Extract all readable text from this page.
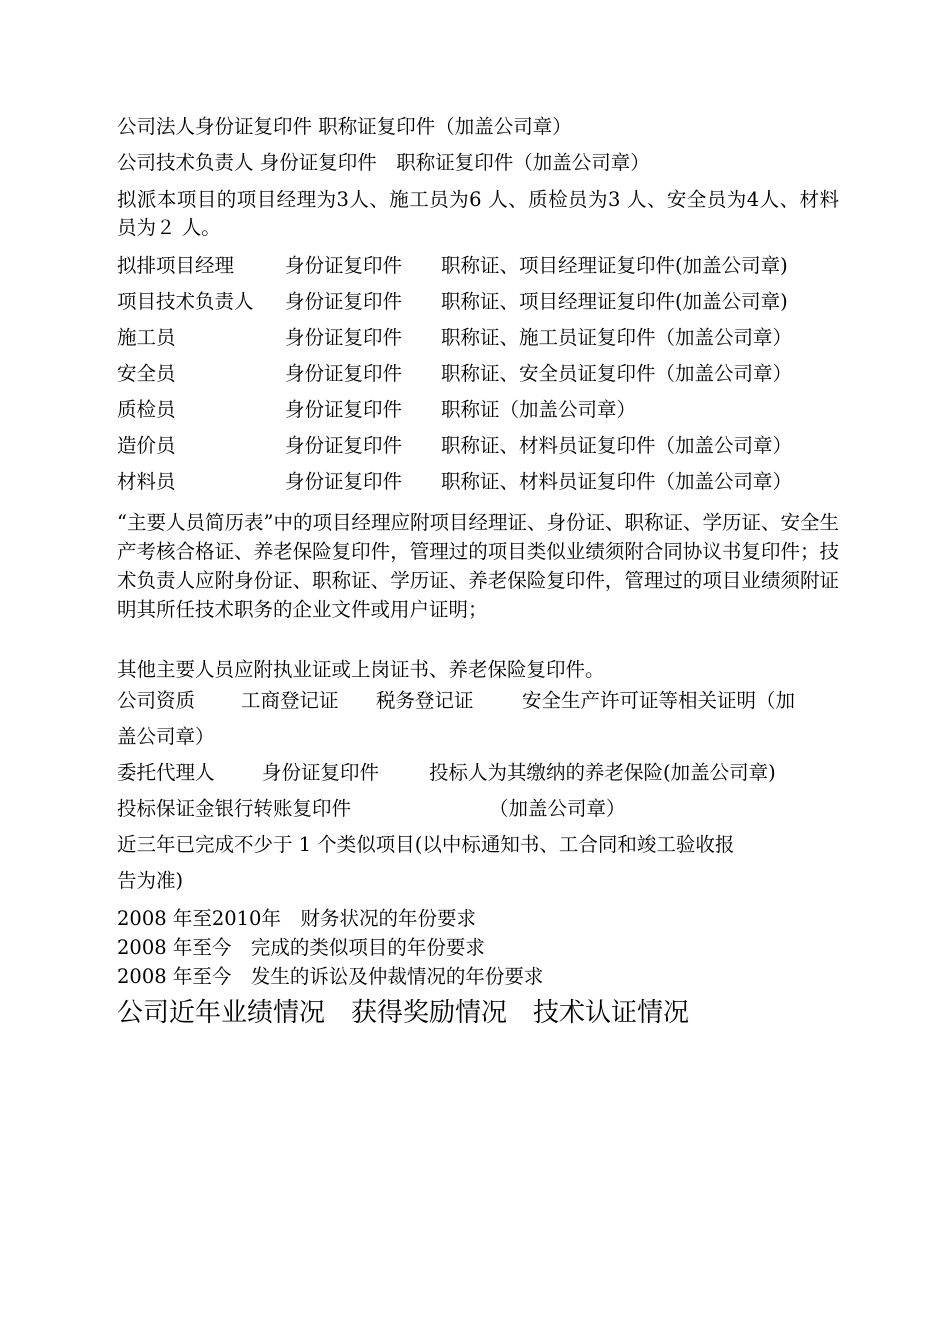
公司法人身份证复印件 职称证复印件（加盖公司章）

公司技术负责人 身份证复印件　职称证复印件（加盖公司章）

拟派本项目的项目经理为3人、施工员为6 人、质检员为3 人、安全员为4人、材料员为２ 人。

拟排项目经理	身份证复印件 职称证、项目经理证复印件(加盖公司章)
项目技术负责人 身份证复印件 职称证、项目经理证复印件(加盖公司章)
施工员	身份证复印件 职称证、施工员证复印件（加盖公司章）
安全员	身份证复印件 职称证、安全员证复印件（加盖公司章）
质检员	身份证复印件 职称证（加盖公司章）
造价员	身份证复印件 职称证、材料员证复印件（加盖公司章）
材料员	身份证复印件 职称证、材料员证复印件（加盖公司章）

“主要人员简历表”中的项目经理应附项目经理证、身份证、职称证、学历证、安全生产考核合格证、养老保险复印件，管理过的项目类似业绩须附合同协议书复印件；技术负责人应附身份证、职称证、学历证、养老保险复印件，管理过的项目业绩须附证明其所任技术职务的企业文件或用户证明；

其他主要人员应附执业证或上岗证书、养老保险复印件。

公司资质 工商登记证 税务登记证 安全生产许可证等相关证明（加

盖公司章）

委托代理人 身份证复印件	投标人为其缴纳的养老保险(加盖公司章)
投标保证金银行转账复印件	（加盖公司章）

近三年已完成不少于 1 个类似项目(以中标通知书、工合同和竣工验收报

告为准)

2008 年至2010年　财务状况的年份要求

2008 年至今　完成的类似项目的年份要求

2008 年至今　发生的诉讼及仲裁情况的年份要求

公司近年业绩情况　获得奖励情况　技术认证情况
